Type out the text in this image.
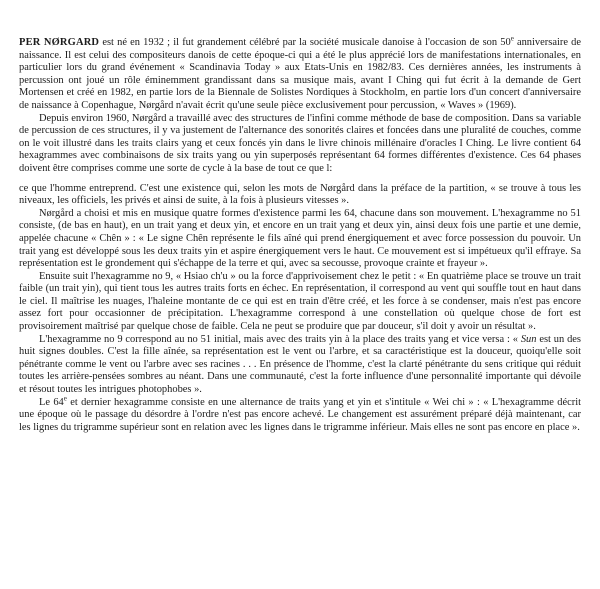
PER NØRGARD est né en 1932 ; il fut grandement célébré par la société musicale danoise à l'occasion de son 50e anniversaire de naissance. Il est celui des compositeurs danois de cette époque-ci qui a été le plus apprécié lors de manifestations internationales, en particulier lors du grand événement « Scandinavia Today » aux Etats-Unis en 1982/83. Ces dernières années, les instruments à percussion ont joué un rôle éminemment grandissant dans sa musique mais, avant I Ching qui fut écrit à la demande de Gert Mortensen et créé en 1982, en partie lors de la Biennale de Solistes Nordiques à Stockholm, en partie lors d'un concert d'anniversaire de naissance à Copenhague, Nørgård n'avait écrit qu'une seule pièce exclusivement pour percussion, « Waves » (1969).

Depuis environ 1960, Nørgård a travaillé avec des structures de l'infini comme méthode de base de composition. Dans sa variable de percussion de ces structures, il y va justement de l'alternance des sonorités claires et foncées dans une pluralité de couches, comme on le voit illustré dans les traits clairs yang et ceux foncés yin dans le livre chinois millénaire d'oracles I Ching. Le livre contient 64 hexagrammes avec combinaisons de six traits yang ou yin superposés représentant 64 formes différentes d'existence. Ces 64 phases doivent être comprises comme une sorte de cycle à la base de tout ce que l:

ce que l'homme entreprend. C'est une existence qui, selon les mots de Nørgård dans la préface de la partition, « se trouve à tous les niveaux, les officiels, les privés et ainsi de suite, à la fois à plusieurs vitesses ».

Nørgård a choisi et mis en musique quatre formes d'existence parmi les 64, chacune dans son mouvement. L'hexagramme no 51 consiste, (de bas en haut), en un trait yang et deux yin, et encore en un trait yang et deux yin, ainsi deux fois une partie et une demie, appelée chacune « Chên » : « Le signe Chên représente le fils aîné qui prend énergiquement et avec force possession du pouvoir. Un trait yang est développé sous les deux traits yin et aspire énergiquement vers le haut. Ce mouvement est si impétueux qu'il effraye. Sa représentation est le grondement qui s'échappe de la terre et qui, avec sa secousse, provoque crainte et frayeur ».

Ensuite suit l'hexagramme no 9, « Hsiao ch'u » ou la force d'apprivoisement chez le petit : « En quatrième place se trouve un trait faible (un trait yin), qui tient tous les autres traits forts en échec. En représentation, il correspond au vent qui souffle tout en haut dans le ciel. Il maîtrise les nuages, l'haleine montante de ce qui est en train d'être créé, et les force à se condenser, mais n'est pas encore assez fort pour occasionner de précipitation. L'hexagramme correspond à une constellation où quelque chose de fort est provisoirement maîtrisé par quelque chose de faible. Cela ne peut se produire que par douceur, s'il doit y avoir un résultat ».

L'hexagramme no 9 correspond au no 51 initial, mais avec des traits yin à la place des traits yang et vice versa : « Sun est un des huit signes doubles. C'est la fille aînée, sa représentation est le vent ou l'arbre, et sa caractéristique est la douceur, quoiqu'elle soit pénétrante comme le vent ou l'arbre avec ses racines . . . En présence de l'homme, c'est la clarté pénétrante du sens critique qui réduit toutes les arrière-pensées sombres au néant. Dans une communauté, c'est la forte influence d'une personnalité importante qui dévoile et résout toutes les intrigues photophobes ».

Le 64e et dernier hexagramme consiste en une alternance de traits yang et yin et s'intitule « Wei chi » : « L'hexagramme décrit une époque où le passage du désordre à l'ordre n'est pas encore achevé. Le changement est assurément préparé déjà maintenant, car les lignes du trigramme supérieur sont en relation avec les lignes dans le trigramme inférieur. Mais elles ne sont pas encore en place ».
